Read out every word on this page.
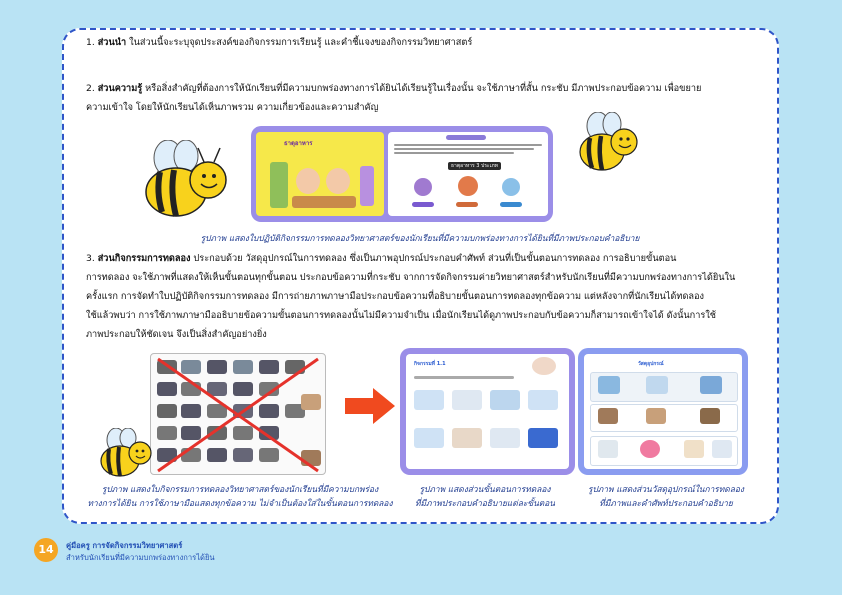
1. ส่วนนำ ในส่วนนี้จะระบุจุดประสงค์ของกิจกรรมการเรียนรู้ และคำชี้แจงของกิจกรรมวิทยาศาสตร์

2. ส่วนความรู้ หรือสิ่งสำคัญที่ต้องการให้นักเรียนที่มีความบกพร่องทางการได้ยินได้เรียนรู้ในเรื่องนั้น จะใช้ภาษาที่สั้น กระชับ มีภาพประกอบข้อความ เพื่อขยาย

ความเข้าใจ โดยให้นักเรียนได้เห็นภาพรวม ความเกี่ยวข้องและความสำคัญ

ธาตุอาหาร
ธาตุอาหาร 3 ประเภท
รูปภาพ แสดงใบปฏิบัติกิจกรรมการทดลองวิทยาศาสตร์ของนักเรียนที่มีความบกพร่องทางการได้ยินที่มีภาพประกอบคำอธิบาย

3. ส่วนกิจกรรมการทดลอง ประกอบด้วย วัสดุอุปกรณ์ในการทดลอง ซึ่งเป็นภาพอุปกรณ์ประกอบคำศัพท์ ส่วนที่เป็นขั้นตอนการทดลอง การอธิบายขั้นตอน

การทดลอง จะใช้ภาพที่แสดงให้เห็นขั้นตอนทุกขั้นตอน ประกอบข้อความที่กระชับ จากการจัดกิจกรรมค่ายวิทยาศาสตร์สำหรับนักเรียนที่มีความบกพร่องทางการได้ยินใน

ครั้งแรก การจัดทำใบปฏิบัติกิจกรรมการทดลอง มีการถ่ายภาพภาษามือประกอบข้อความที่อธิบายขั้นตอนการทดลองทุกข้อความ แต่หลังจากที่นักเรียนได้ทดลอง

ใช้แล้วพบว่า การใช้ภาพภาษามืออธิบายข้อความขั้นตอนการทดลองนั้นไม่มีความจำเป็น เมื่อนักเรียนได้ดูภาพประกอบกับข้อความก็สามารถเข้าใจได้ ดังนั้นการใช้

ภาพประกอบให้ชัดเจน จึงเป็นสิ่งสำคัญอย่างยิ่ง

กิจกรรมที่ 1.1	วัสดุอุปกรณ์
รูปภาพ แสดงใบกิจกรรมการทดลองวิทยาศาสตร์ของนักเรียนที่มีความบกพร่อง
ทางการได้ยิน การใช้ภาษามือแสดงทุกข้อความ ไม่จำเป็นต้องใส่ในขั้นตอนการทดลอง
รูปภาพ แสดงส่วนขั้นตอนการทดลอง
ที่มีภาพประกอบคำอธิบายแต่ละขั้นตอน
รูปภาพ แสดงส่วนวัสดุอุปกรณ์ในการทดลอง
ที่มีภาพและคำศัพท์ประกอบคำอธิบาย
14	คู่มือครู การจัดกิจกรรมวิทยาศาสตร์
สำหรับนักเรียนที่มีความบกพร่องทางการได้ยิน
